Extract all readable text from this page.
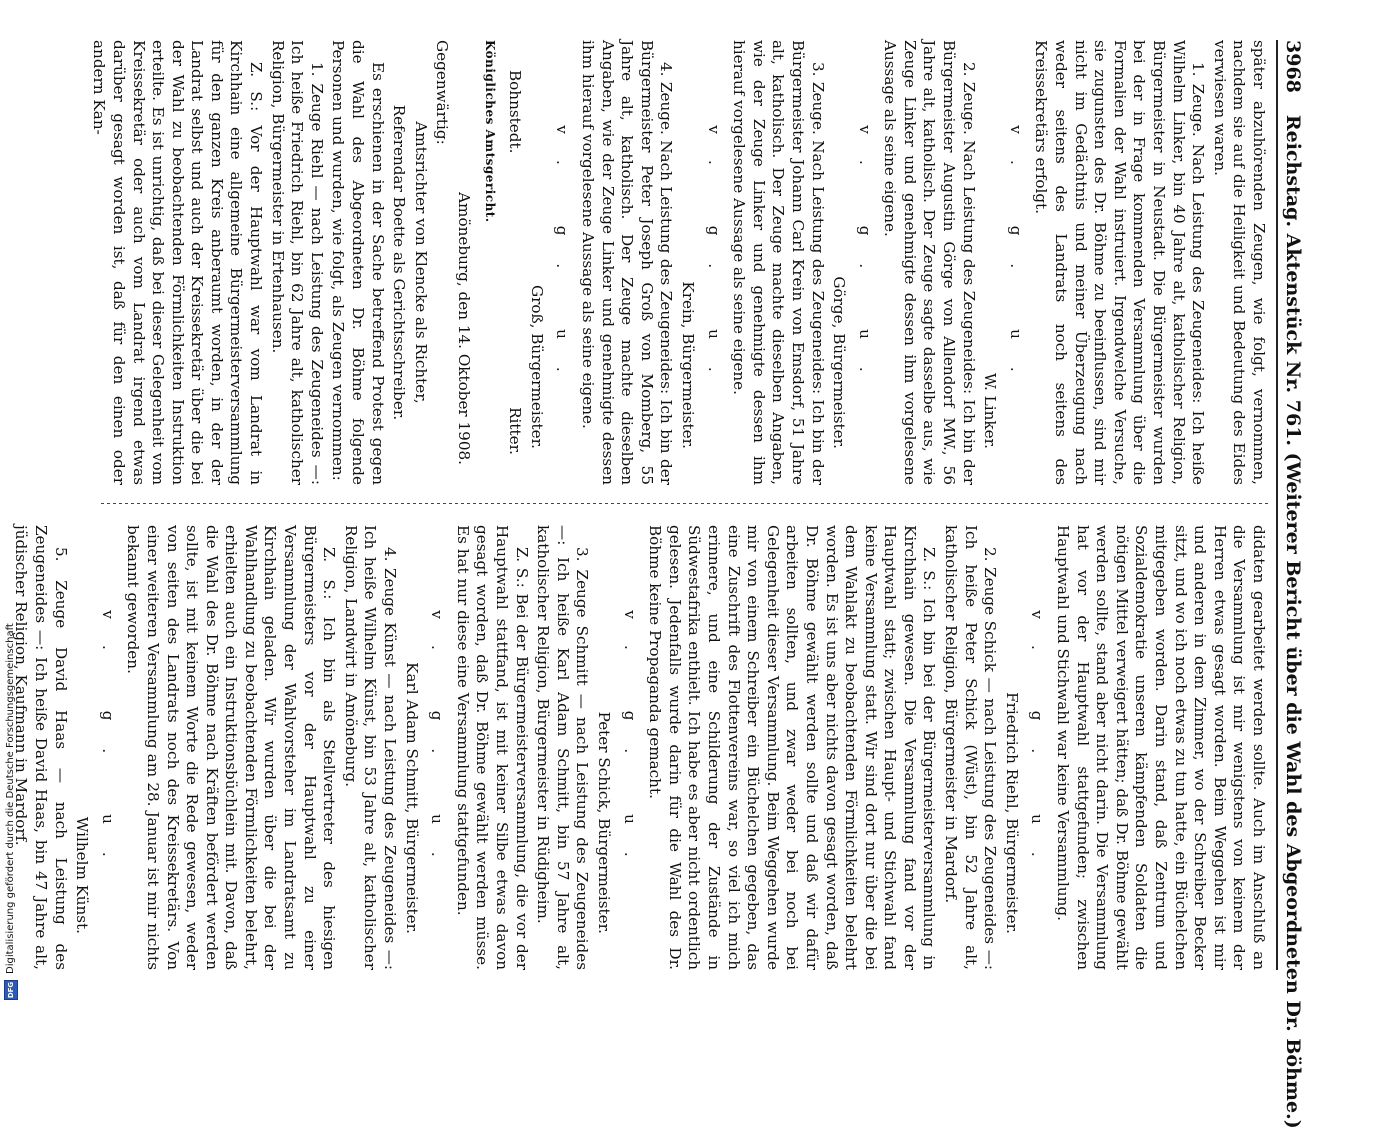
3968
Reichstag. Aktenstück Nr. 761. (Weiterer Bericht über die Wahl des Abgeordneten Dr. Böhme.)

später abzuhörenden Zeugen, wie folgt, vernommen, nachdem sie auf die Heiligkeit und Bedeutung des Eides verwiesen waren.

1. Zeuge. Nach Leistung des Zeugeneides: Ich heiße Wilhelm Linker, bin 40 Jahre alt, katholischer Religion, Bürgermeister in Neustadt. Die Bürgermeister wurden bei der in Frage kommenden Versammlung über die Formalien der Wahl instruiert. Irgendwelche Versuche, sie zugunsten des Dr. Böhme zu beeinflussen, sind mir nicht im Gedächtnis und meiner Überzeugung nach weder seitens des Landrats noch seitens des Kreissekretärs erfolgt.

v. g. u.

W. Linker.

2. Zeuge. Nach Leistung des Zeugeneides: Ich bin der Bürgermeister Augustin Görge von Allendorf MW., 56 Jahre alt, katholisch. Der Zeuge sagte dasselbe aus, wie Zeuge Linker und genehmigte dessen ihm vorgelesene Aussage als seine eigene.

v. g. u.

Görge, Bürgermeister.

3. Zeuge. Nach Leistung des Zeugeneides: Ich bin der Bürgermeister Johann Carl Krein von Emsdorf, 51 Jahre alt, katholisch. Der Zeuge machte dieselben Angaben, wie der Zeuge Linker und genehmigte dessen ihm hierauf vorgelesene Aussage als seine eigene.

v. g. u.

Krein, Bürgermeister.

4. Zeuge. Nach Leistung des Zeugeneides: Ich bin der Bürgermeister Peter Joseph Groß von Momberg, 55 Jahre alt, katholisch. Der Zeuge machte dieselben Angaben, wie der Zeuge Linker und genehmigte dessen ihm hierauf vorgelesene Aussage als seine eigene.

v. g. u.

Groß, Bürgermeister.

Bohnstedt.
Ritter.

Königliches Amtsgericht.

Amöneburg, den 14. Oktober 1908.

Gegenwärtig:

Amtsrichter von Klencke als Richter,

Referendar Boette als Gerichtsschreiber.

Es erschienen in der Sache betreffend Protest gegen die Wahl des Abgeordneten Dr. Böhme folgende Personen und wurden, wie folgt, als Zeugen vernommen:

1. Zeuge Riehl — nach Leistung des Zeugeneides —: Ich heiße Friedrich Riehl, bin 62 Jahre alt, katholischer Religion, Bürgermeister in Ertenhausen.

Z. S.: Vor der Hauptwahl war vom Landrat in Kirchhain eine allgemeine Bürgermeisterversammlung für den ganzen Kreis anberaumt worden, in der der Landrat selbst und auch der Kreissekretär über die bei der Wahl zu beobachtenden Förmlichkeiten Instruktion erteilte. Es ist unrichtig, daß bei dieser Gelegenheit vom Kreissekretär oder auch vom Landrat irgend etwas darüber gesagt worden ist, daß für den einen oder andern Kan-

didaten gearbeitet werden sollte. Auch im Anschluß an die Versammlung ist mir wenigstens von keinem der Herren etwas gesagt worden. Beim Weggehen ist mir und anderen in dem Zimmer, wo der Schreiber Becker sitzt, und wo ich noch etwas zu tun hatte, ein Büchelchen mitgegeben worden. Darin stand, daß Zentrum und Sozialdemokratie unseren kämpfenden Soldaten die nötigen Mittel verweigert hätten; daß Dr. Böhme gewählt werden sollte, stand aber nicht darin. Die Versammlung hat vor der Hauptwahl stattgefunden; zwischen Hauptwahl und Stichwahl war keine Versammlung.

v. g. u.

Friedrich Riehl, Bürgermeister.

2. Zeuge Schick — nach Leistung des Zeugeneides —: Ich heiße Peter Schick (Wüst), bin 52 Jahre alt, katholischer Religion, Bürgermeister in Mardorf.

Z. S.: Ich bin bei der Bürgermeisterversammlung in Kirchhain gewesen. Die Versammlung fand vor der Hauptwahl statt; zwischen Haupt- und Stichwahl fand keine Versammlung statt. Wir sind dort nur über die bei dem Wahlakt zu beobachtenden Förmlichkeiten belehrt worden. Es ist uns aber nichts davon gesagt worden, daß Dr. Böhme gewählt werden sollte und daß wir dafür arbeiten sollten, und zwar weder bei noch bei Gelegenheit dieser Versammlung. Beim Weggehen wurde mir von einem Schreiber ein Büchelchen gegeben, das eine Zuschrift des Flottenvereins war, so viel ich mich erinnere, und eine Schilderung der Zustände in Südwestafrika enthielt. Ich habe es aber nicht ordentlich gelesen. Jedenfalls wurde darin für die Wahl des Dr. Böhme keine Propaganda gemacht.

v. g. u.

Peter Schick, Bürgermeister.

3. Zeuge Schmitt — nach Leistung des Zeugeneides —: Ich heiße Karl Adam Schmitt, bin 57 Jahre alt, katholischer Religion, Bürgermeister in Rüdigheim.

Z. S.: Bei der Bürgermeisterversammlung, die vor der Hauptwahl stattfand, ist mit keiner Silbe etwas davon gesagt worden, daß Dr. Böhme gewählt werden müsse. Es hat nur diese eine Versammlung stattgefunden.

v. g. u.

Karl Adam Schmitt, Bürgermeister.

4. Zeuge Künst — nach Leistung des Zeugeneides —: Ich heiße Wilhelm Künst, bin 53 Jahre alt, katholischer Religion, Landwirt in Amöneburg.

Z. S.: Ich bin als Stellvertreter des hiesigen Bürgermeisters vor der Hauptwahl zu einer Versammlung der Wahlvorsteher im Landratsamt zu Kirchhain geladen. Wir wurden über die bei der Wahlhandlung zu beobachtenden Förmlichkeiten belehrt, erhielten auch ein Instruktionsbüchlein mit. Davon, daß die Wahl des Dr. Böhme nach Kräften befördert werden sollte, ist mit keinem Worte die Rede gewesen, weder von seiten des Landrats noch des Kreissekretärs. Von einer weiteren Versammlung am 28. Januar ist mir nichts bekannt geworden.

v. g. u.

Wilhelm Künst.

5. Zeuge David Haas — nach Leistung des Zeugeneides —: Ich heiße David Haas, bin 47 Jahre alt, jüdischer Religion, Kaufmann in Mardorf.

DFG
Digitalisierung gefördert durch die Deutsche Forschungsgemeinschaft
